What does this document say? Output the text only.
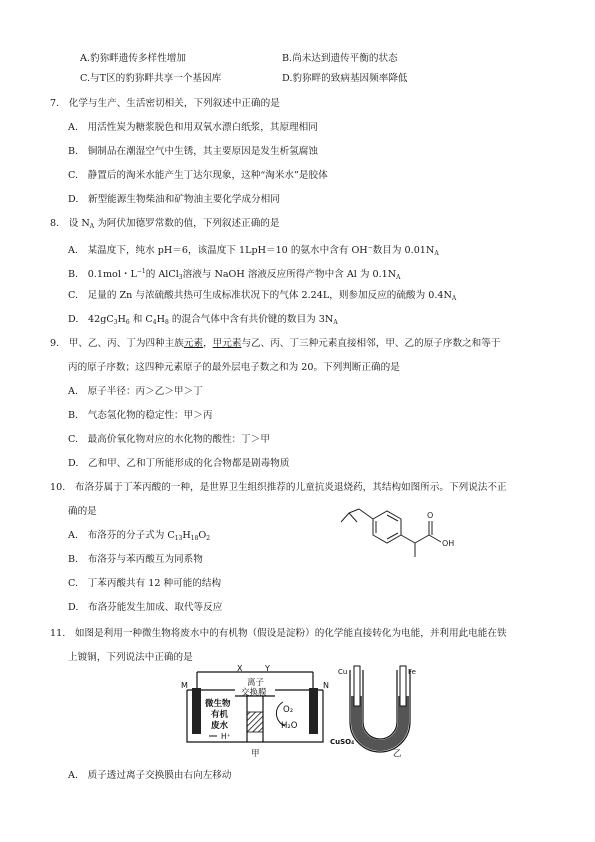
A.豹狝畔遗传多样性增加	B.尚未达到遗传平衡的状态
C.与T区的豹狝畔共享一个基因库	D.豹狝畔的致病基因频率降低
7.　化学与生产、生活密切相关，下列叙述中正确的是
A.　用活性炭为糖浆脱色和用双氧水漂白纸浆，其原理相同
B.　铜制品在潮湿空气中生锈，其主要原因是发生析氢腐蚀
C.　静置后的淘米水能产生丁达尔现象，这种“淘米水”是胶体
D.　新型能源生物柴油和矿物油主要化学成分相同
8.　设 $N_A$ 为阿伏加德罗常数的值，下列叙述正确的是
A.　某温度下，纯水 pH＝6，该温度下 1LpH＝10 的氨水中含有 OH−数目为 $0.01N_A$
B.　0.1mol・$L^{-1}$的 AlCl$_3$溶液与 NaOH 溶液反应所得产物中含 Al 为 $0.1N_A$
C.　足量的 Zn 与浓硫酸共热可生成标准状况下的气体 2.24L，则参加反应的硫酸为 $0.4N_A$
D.　$42gC_3H_6$ 和 $C_4H_8$ 的混合气体中含有共价键的数目为 $3N_A$
9.　甲、乙、丙、丁为四种主族元素，甲元素与乙、丙、丁三种元素直接相邻，甲、乙的原子序数之和等于
丙的原子序数；这四种元素原子的最外层电子数之和为 20。下列判断正确的是
A.　原子半径：丙＞乙＞甲＞丁
B.　气态氢化物的稳定性：甲＞丙
C.　最高价氧化物对应的水化物的酸性：丁＞甲
D.　乙和甲、乙和丁所能形成的化合物都是剧毒物质
10.　布洛芬属于丁苯丙酸的一种，是世界卫生组织推荐的儿童抗炎退烧药，其结构如图所示。下列说法不正
确的是
A.　布洛芬的分子式为 $C_{13}H_{18}O_2$
B.　布洛芬与苯丙酸互为同系物
C.　丁苯丙酸共有 12 种可能的结构
D.　布洛芬能发生加成、取代等反应
O
OH
11.　如图是利用一种微生物将废水中的有机物（假设是淀粉）的化学能直接转化为电能，并利用此电能在铁
上镀铜，下列说法中正确的是
X	Y
M	N
离子
交换膜
微生物
有机
废水
H⁺
O₂
H₂O
甲
Cu	Fe
CuSO₄
乙
A.　质子透过离子交换膜由右向左移动
